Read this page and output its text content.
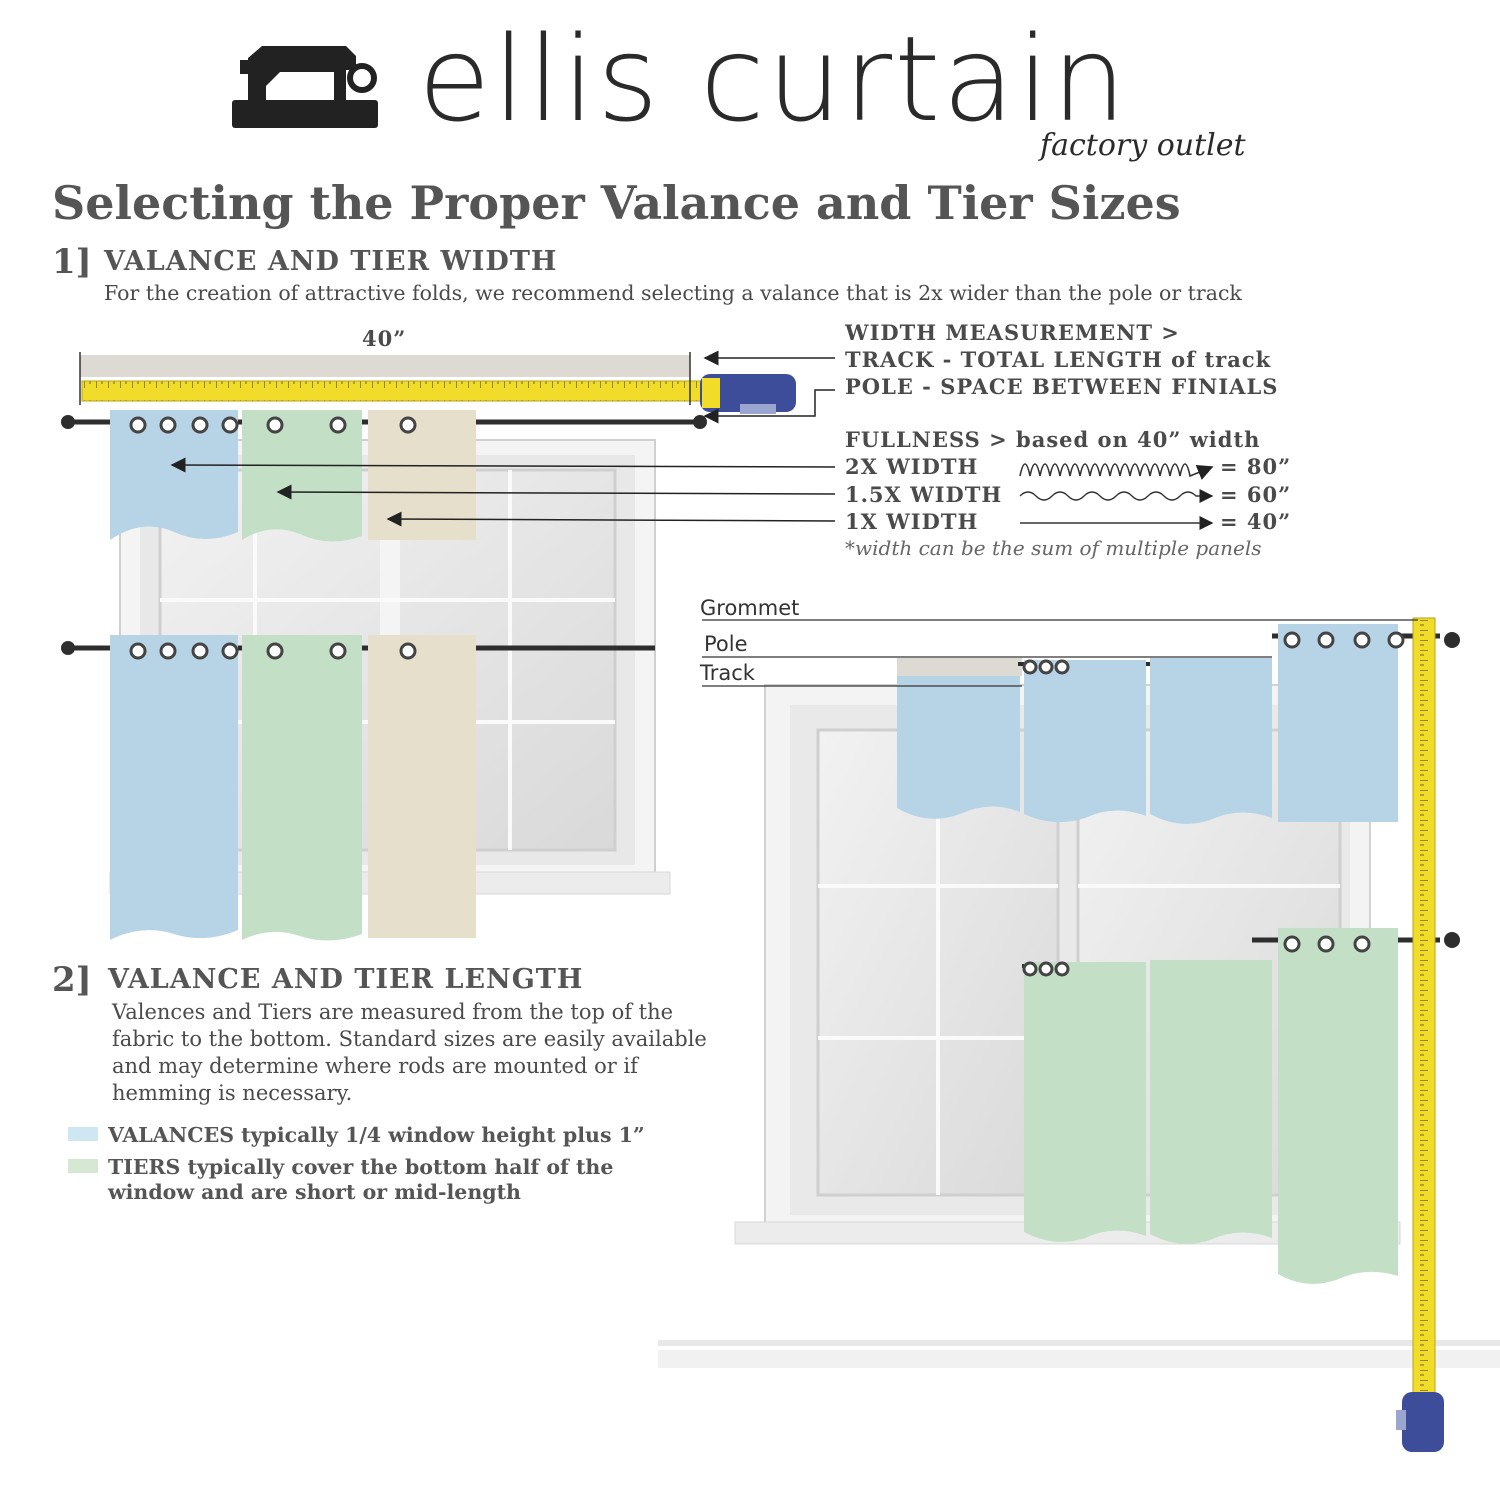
ellis curtain
factory outlet
Selecting the Proper Valance and Tier Sizes
1] VALANCE AND TIER WIDTH
For the creation of attractive folds, we recommend selecting a valance that is 2x wider than the pole or track
40”	WIDTH MEASUREMENT >
TRACK - TOTAL LENGTH of track
POLE - SPACE BETWEEN FINIALS
FULLNESS > based on 40” width
2X WIDTH	= 80”
1.5X WIDTH	= 60”
1X WIDTH	= 40”
*width can be the sum of multiple panels
Grommet
Pole
Track
2] VALANCE AND TIER LENGTH
Valences and Tiers are measured from the top of the fabric to the bottom. Standard sizes are easily available and may determine where rods are mounted or if hemming is necessary.
VALANCES typically 1/4 window height plus 1”
TIERS typically cover the bottom half of the window and are short or mid-length
